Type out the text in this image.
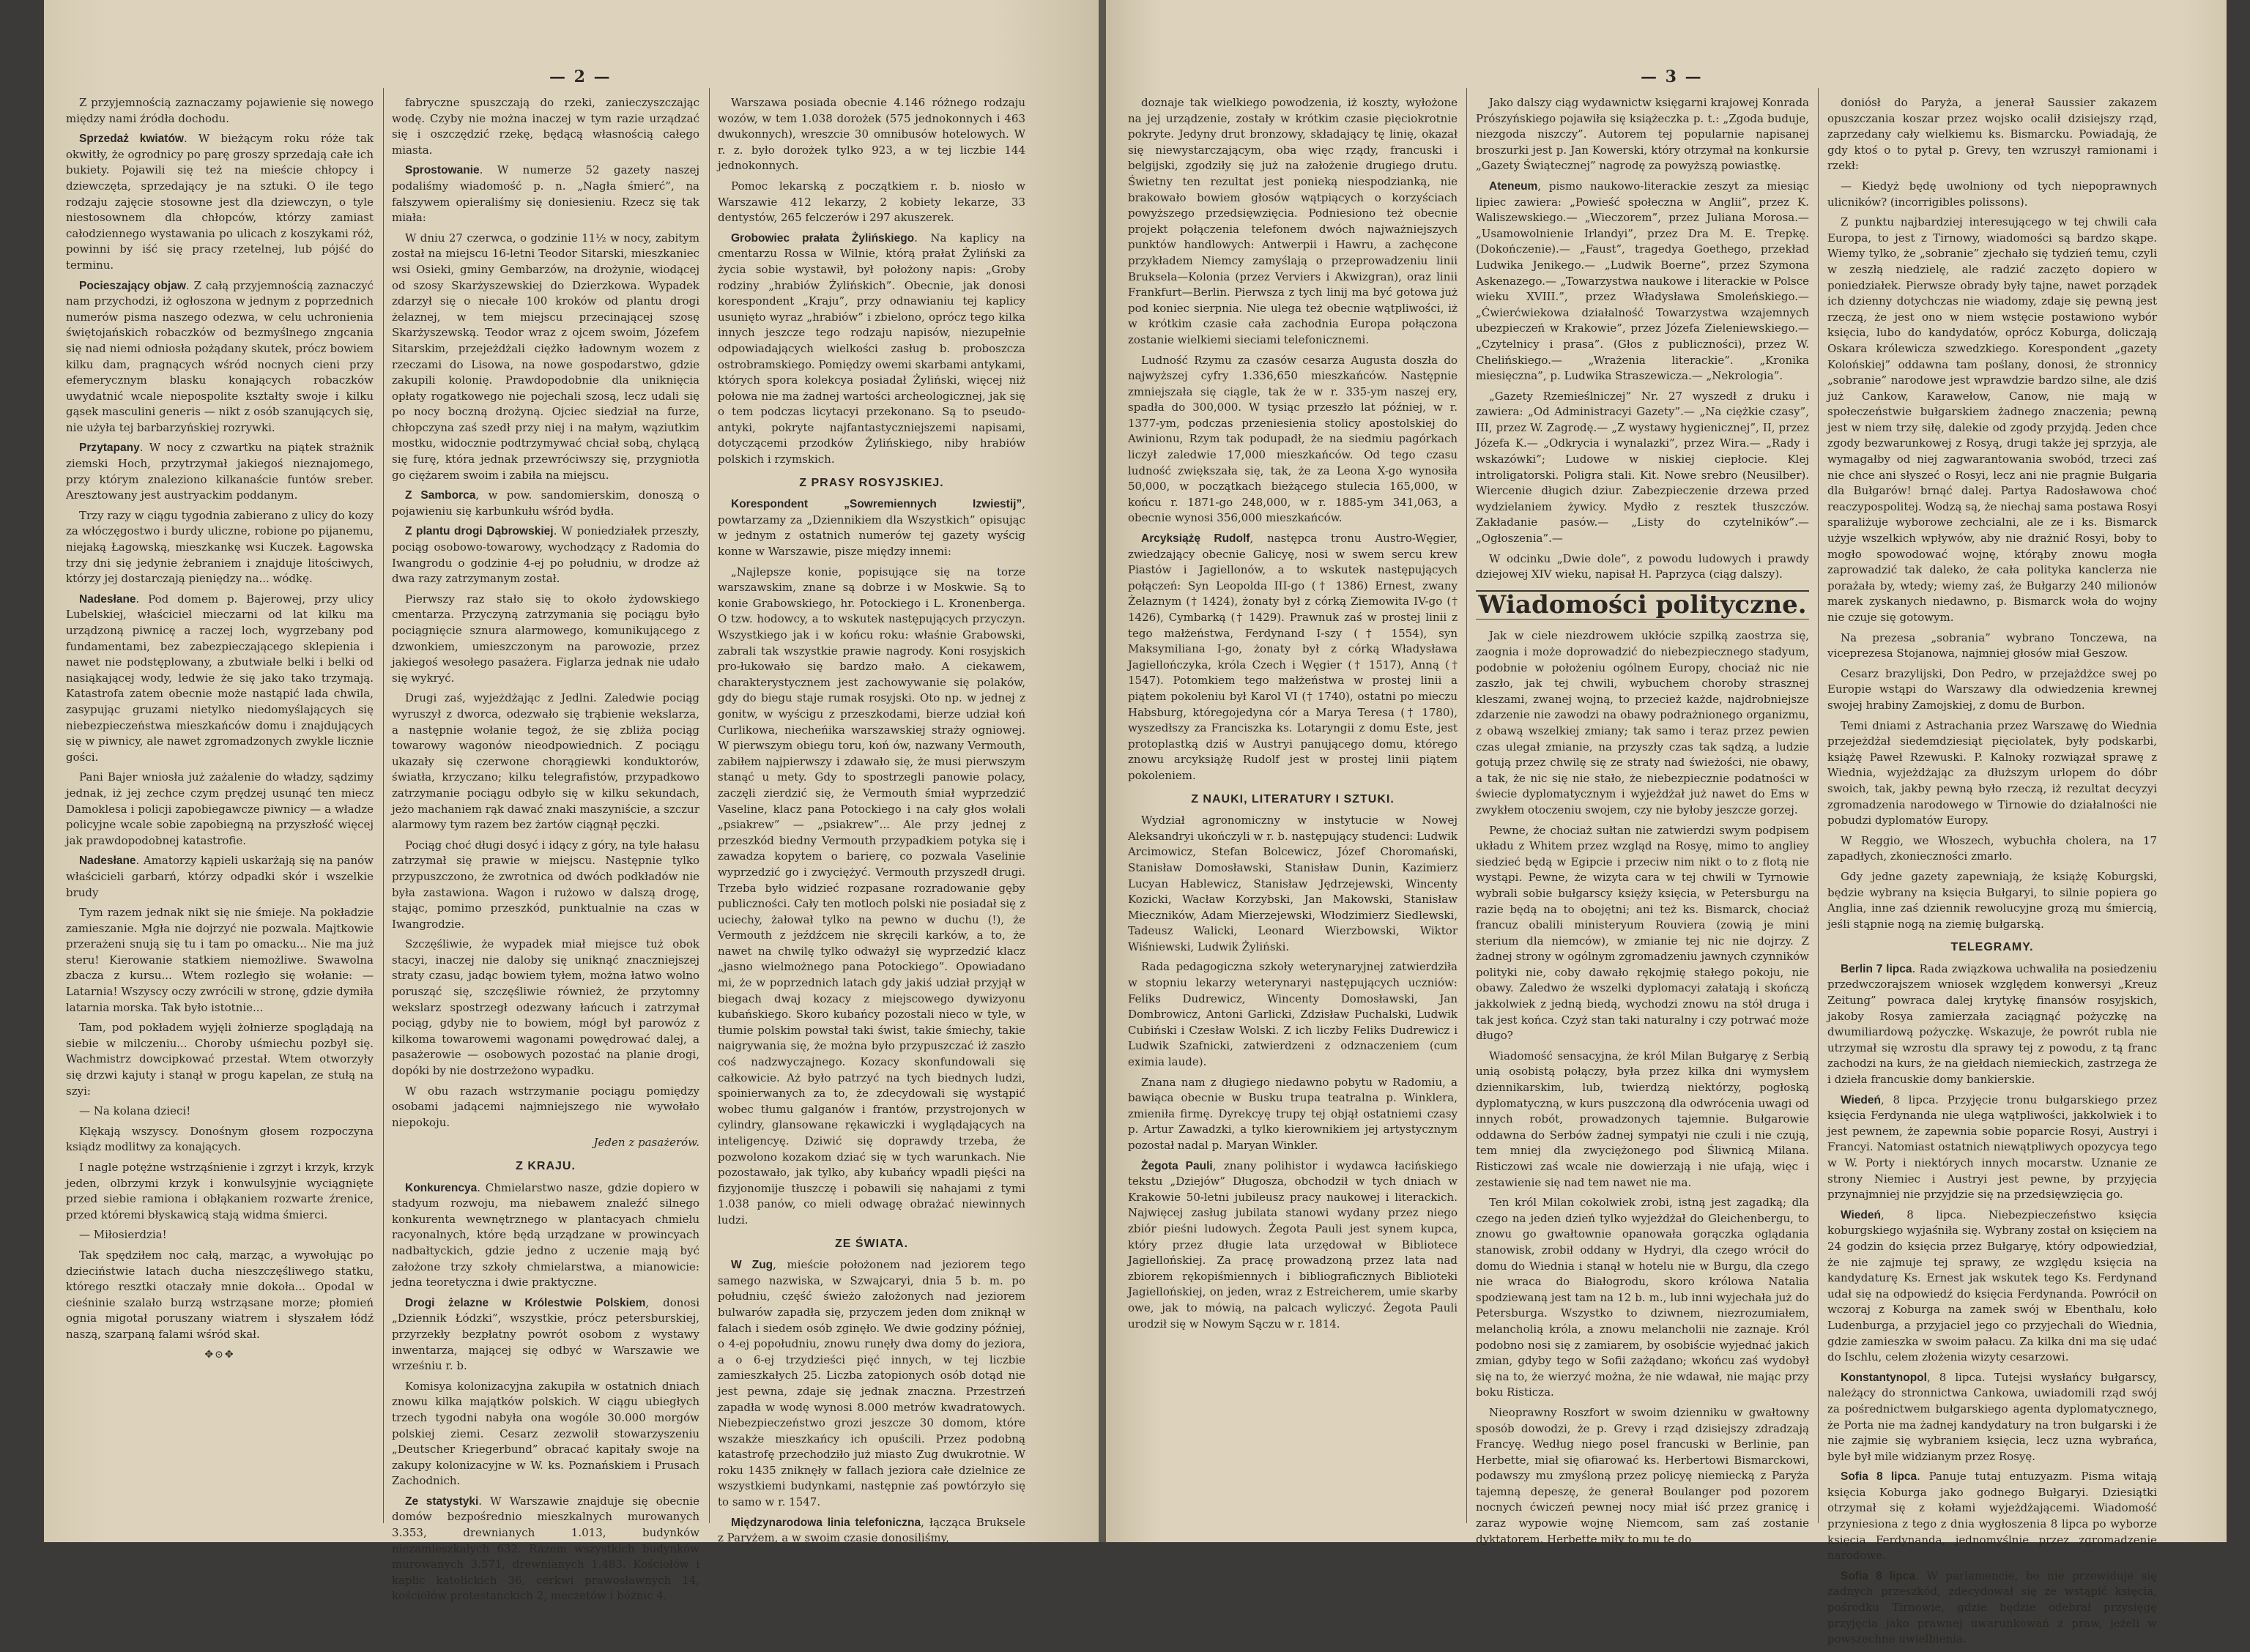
— 2 —

Z przyjemnością zaznaczamy pojawienie się nowego między nami źródła dochodu.

Sprzedaż kwiatów. W bieżącym roku róże tak okwitły, że ogrodnicy po parę groszy sprzedają całe ich bukiety. Pojawili się też na mieście chłopcy i dziewczęta, sprzedający je na sztuki. O ile tego rodzaju zajęcie stosowne jest dla dziewczyn, o tyle niestosownem dla chłopców, którzy zamiast całodziennego wystawania po ulicach z koszykami róż, powinni by iść się pracy rzetelnej, lub pójść do terminu.

Pocieszający objaw. Z całą przyjemnością zaznaczyć nam przychodzi, iż ogłoszona w jednym z poprzednich numerów pisma naszego odezwa, w celu uchronienia świętojańskich robaczków od bezmyślnego zngcania się nad niemi odniosła pożądany skutek, prócz bowiem kilku dam, pragnących wśród nocnych cieni przy efemerycznym blasku konających robaczków uwydatnić wcale niepospolite kształty swoje i kilku gąsek masculini generis — nikt z osób szanujących się, nie użyła tej barbarzyńskiej rozrywki.

Przytapany. W nocy z czwartku na piątek strażnik ziemski Hoch, przytrzymał jakiegoś nieznajomego, przy którym znaleziono kilkanaście funtów sreber. Aresztowany jest austryackim poddanym.

Trzy razy w ciągu tygodnia zabierano z ulicy do kozy za włóczęgostwo i burdy uliczne, robione po pijanemu, niejaką Łagowską, mieszkankę wsi Kuczek. Łagowska trzy dni się jedynie żebraniem i znajduje litościwych, którzy jej dostarczają pieniędzy na... wódkę.

Nadesłane. Pod domem p. Bajerowej, przy ulicy Lubelskiej, właściciel mieczarni od lat kilku ma urządzoną piwnicę a raczej loch, wygrzebany pod fundamentami, bez zabezpieczającego sklepienia i nawet nie podstęplowany, a zbutwiałe belki i belki od nasiąkającej wody, ledwie że się jako tako trzymają. Katastrofa zatem obecnie może nastąpić lada chwila, zasypując gruzami nietylko niedomyślających się niebezpieczeństwa mieszkańców domu i znajdujących się w piwnicy, ale nawet zgromadzonych zwykle licznie gości.

Pani Bajer wniosła już zażalenie do władzy, sądzimy jednak, iż jej zechce czym prędzej usunąć ten miecz Damoklesa i policji zapobiegawcze piwnicy — a władze policyjne wcale sobie zapobiegną na przyszłość więcej jak prawdopodobnej katastrofie.

Nadesłane. Amatorzy kąpieli uskarżają się na panów właścicieli garbarń, którzy odpadki skór i wszelkie brudy

Tym razem jednak nikt się nie śmieje. Na pokładzie zamieszanie. Mgła nie dojrzyć nie pozwala. Majtkowie przerażeni snują się tu i tam po omacku... Nie ma już steru! Kierowanie statkiem niemożliwe. Swawolna zbacza z kursu... Wtem rozległo się wołanie: — Latarnia! Wszyscy oczy zwrócili w stronę, gdzie dymiła latarnia morska. Tak było istotnie...

Tam, pod pokładem wyjęli żołnierze spoglądają na siebie w milczeniu... Choroby uśmiechu pozbył się. Wachmistrz dowcipkować przestał. Wtem otworzyły się drzwi kajuty i stanął w progu kapelan, ze stułą na szyi:

— Na kolana dzieci!

Klękają wszyscy. Donośnym głosem rozpoczyna ksiądz modlitwy za konających.

I nagle potężne wstrząśnienie i zgrzyt i krzyk, krzyk jeden, olbrzymi krzyk i konwulsyjnie wyciągnięte przed siebie ramiona i obłąkaniem rozwarte źrenice, przed któremi błyskawicą stają widma śmierci.

— Miłosierdzia!

Tak spędziłem noc całą, marząc, a wywołując po dzieciństwie latach ducha nieszczęśliwego statku, którego resztki otaczały mnie dokoła... Opodal w cieśninie szalało burzą wstrząsane morze; płomień ognia migotał poruszany wiatrem i słyszałem łódź naszą, szarpaną falami wśród skał.

✥⊙✥

fabryczne spuszczają do rzeki, zanieczyszczając wodę. Czyby nie można inaczej w tym razie urządzać się i oszczędzić rzekę, będącą własnością całego miasta.

Sprostowanie. W numerze 52 gazety naszej podaliśmy wiadomość p. n. „Nagła śmierć”, na fałszywem opieraliśmy się doniesieniu. Rzecz się tak miała:

W dniu 27 czerwca, o godzinie 11½ w nocy, zabitym został na miejscu 16-letni Teodor Sitarski, mieszkaniec wsi Osieki, gminy Gembarzów, na drożynie, wiodącej od szosy Skarżyszewskiej do Dzierzkowa. Wypadek zdarzył się o niecałe 100 kroków od plantu drogi żelaznej, w tem miejscu przecinającej szosę Skarżyszewską. Teodor wraz z ojcem swoim, Józefem Sitarskim, przejeżdżali ciężko ładownym wozem z rzeczami do Lisowa, na nowe gospodarstwo, gdzie zakupili kolonię. Prawdopodobnie dla uniknięcia opłaty rogatkowego nie pojechali szosą, lecz udali się po nocy boczną drożyną. Ojciec siedział na furze, chłopczyna zaś szedł przy niej i na małym, wąziutkim mostku, widocznie podtrzymywać chciał sobą, chylącą się furę, która jednak przewróciwszy się, przygniotła go ciężarem swoim i zabiła na miejscu.

Z Samborca, w pow. sandomierskim, donoszą o pojawieniu się karbunkułu wśród bydła.

Z plantu drogi Dąbrowskiej. W poniedziałek przeszły, pociąg osobowo-towarowy, wychodzący z Radomia do Iwangrodu o godzinie 4-ej po południu, w drodze aż dwa razy zatrzymanym został.

Pierwszy raz stało się to około żydowskiego cmentarza. Przyczyną zatrzymania się pociągu było pociągnięcie sznura alarmowego, komunikującego z dzwonkiem, umieszczonym na parowozie, przez jakiegoś wesołego pasażera. Figlarza jednak nie udało się wykryć.

Drugi zaś, wyjeżdżając z Jedlni. Zaledwie pociąg wyruszył z dworca, odezwało się trąbienie wekslarza, a następnie wołanie tegoż, że się zbliża pociąg towarowy wagonów nieodpowiednich. Z pociągu ukazały się czerwone chorągiewki konduktorów, światła, krzyczano; kilku telegrafistów, przypadkowo zatrzymanie pociągu odbyło się w kilku sekundach, jeżo machaniem rąk dawać znaki maszyniście, a szczur alarmowy tym razem bez żartów ciągnął pęczki.

Pociąg choć długi dosyć i idący z góry, na tyle hałasu zatrzymał się prawie w miejscu. Następnie tylko przypuszczono, że zwrotnica od dwóch podkładów nie była zastawiona. Wagon i rużowo w dalszą drogę, stając, pomimo przeszkód, punktualnie na czas w Iwangrodzie.

Szczęśliwie, że wypadek miał miejsce tuż obok stacyi, inaczej nie daloby się uniknąć znaczniejszej straty czasu, jadąc bowiem tyłem, można łatwo wolno porusząć się, szczęśliwie również, że przytomny wekslarz spostrzegł odezwany łańcuch i zatrzymał pociąg, gdyby nie to bowiem, mógł był parowóz z kilkoma towarowemi wagonami powędrować dalej, a pasażerowie — osobowych pozostać na planie drogi, dopóki by nie dostrzeżono wypadku.

W obu razach wstrzymanie pociągu pomiędzy osobami jadącemi najmniejszego nie wywołało niepokoju.

Jeden z pasażerów.

Z KRAJU.

Konkurencya. Chmielarstwo nasze, gdzie dopiero w stadyum rozwoju, ma niebawem znaleźć silnego konkurenta wewnętrznego w plantacyach chmielu racyonalnych, które będą urządzane w prowincyach nadbałtyckich, gdzie jedno z uczenie mają być założone trzy szkoły chmielarstwa, a mianowicie: jedna teoretyczna i dwie praktyczne.

Drogi żelazne w Królestwie Polskiem, donosi „Dziennik Łódzki”, wszystkie, prócz petersburskiej, przyrzekły bezpłatny powrót osobom z wystawy inwentarza, mającej się odbyć w Warszawie we wrześniu r. b.

Komisya kolonizacyjna zakupiła w ostatnich dniach znowu kilka majątków polskich. W ciągu ubiegłych trzech tygodni nabyła ona wogóle 30.000 morgów polskiej ziemi. Cesarz zezwolił stowarzyszeniu „Deutscher Kriegerbund” obracać kapitały swoje na zakupy kolonizacyjne w W. ks. Poznańskiem i Prusach Zachodnich.

Ze statystyki. W Warszawie znajduje się obecnie domów bezpośrednio mieszkalnych murowanych 3.353, drewnianych 1.013, budynków niezamieszkałych 632. Razem wszystkich budynków murowanych 3.571, drewnianych 1.483. Kościołów i kaplic katolickich 36, cerkwi prawosławnych 14, kościołów protestanckich 2, meczetów i bóżnic 4.

Warszawa posiada obecnie 4.146 różnego rodzaju wozów, w tem 1.038 dorożek (575 jednokonnych i 463 dwukonnych), wreszcie 30 omnibusów hotelowych. W r. z. było dorożek tylko 923, a w tej liczbie 144 jednokonnych.

Pomoc lekarską z początkiem r. b. niosło w Warszawie 412 lekarzy, 2 kobiety lekarze, 33 dentystów, 265 felczerów i 297 akuszerek.

Grobowiec prałata Żylińskiego. Na kaplicy na cmentarzu Rossa w Wilnie, którą prałat Żyliński za życia sobie wystawił, był położony napis: „Groby rodziny „hrabiów Żylińskich”. Obecnie, jak donosi korespondent „Kraju”, przy odnawianiu tej kaplicy usunięto wyraz „hrabiów” i zbielono, oprócz tego kilka innych jeszcze tego rodzaju napisów, niezupełnie odpowiadających wielkości zasług b. proboszcza ostrobramskiego. Pomiędzy owemi skarbami antykami, których spora kolekcya posiadał Żyliński, więcej niż połowa nie ma żadnej wartości archeologicznej, jak się o tem podczas licytacyi przekonano. Są to pseudo-antyki, pokryte najfantastyczniejszemi napisami, dotyczącemi przodków Żylińskiego, niby hrabiów polskich i rzymskich.

Z PRASY ROSYJSKIEJ.

Korespondent „Sowremiennych Izwiestij”, powtarzamy za „Dziennikiem dla Wszystkich” opisując w jednym z ostatnich numerów tej gazety wyścig konne w Warszawie, pisze między innemi:

„Najlepsze konie, popisujące się na torze warszawskim, znane są dobrze i w Moskwie. Są to konie Grabowskiego, hr. Potockiego i L. Kronenberga. O tzw. hodowcy, a to wskutek następujących przyczyn. Wszystkiego jak i w końcu roku: właśnie Grabowski, zabrali tak wszystkie prawie nagrody. Koni rosyjskich pro-łukowało się bardzo mało. A ciekawem, charakterystycznem jest zachowywanie się polaków, gdy do biegu staje rumak rosyjski. Oto np. w jednej z gonitw, w wyścigu z przeszkodami, bierze udział koń Curlikowa, niecheńika warszawskiej straży ogniowej. W pierwszym obiegu toru, koń ów, nazwany Vermouth, zabiłem najpierwszy i zdawało się, że musi pierwszym stanąć u mety. Gdy to spostrzegli panowie polacy, zaczęli zierdzić się, że Vermouth śmiał wyprzedzić Vaseline, klacz pana Potockiego i na cały głos wołali „psiakrew” — „psiakrew”... Ale przy jednej z przeszkód biedny Vermouth przypadkiem potyka się i zawadza kopytem o barierę, co pozwala Vaselinie wyprzedzić go i zwyciężyć. Vermouth przyszedł drugi. Trzeba było widzieć rozpasane rozradowanie gęby publiczności. Cały ten motloch polski nie posiadał się z uciechy, żałował tylko na pewno w duchu (!), że Vermouth z jeźdźcem nie skręcili karków, a to, że nawet na chwilę tylko odważył się wyprzedzić klacz „jasno wielmożnego pana Potockiego”. Opowiadano mi, że w poprzednich latach gdy jakiś udział przyjął w biegach dwaj kozacy z miejscowego dywizyonu kubańskiego. Skoro kubańcy pozostali nieco w tyle, w tłumie polskim powstał taki świst, takie śmiechy, takie naigrywania się, że można było przypuszczać iż zaszło coś nadzwyczajnego. Kozacy skonfundowali się całkowicie. Aż było patrzyć na tych biednych ludzi, spoinierwanych za to, że zdecydowali się wystąpić wobec tłumu galganów i frantów, przystrojonych w cylindry, glansowane rękawiczki i wyglądających na inteligencyę. Dziwić się doprawdy trzeba, że pozwolono kozakom dziać się w tych warunkach. Nie pozostawało, jak tylko, aby kubańcy wpadli pięści na fizyjonomije tłuszczę i pobawili się nahajami z tymi 1.038 panów, co mieli odwagę obrażać niewinnych ludzi.

ZE ŚWIATA.

W Zug, mieście położonem nad jeziorem tego samego nazwiska, w Szwajcaryi, dnia 5 b. m. po południu, część świeżo założonych nad jeziorem bulwarów zapadła się, przyczem jeden dom zniknął w falach i siedem osób zginęło. We dwie godziny później, o 4-ej popołudniu, znowu runęły dwa domy do jeziora, a o 6-ej trzydzieści pięć innych, w tej liczbie zamieszkałych 25. Liczba zatopionych osób dotąd nie jest pewna, zdaje się jednak znaczna. Przestrzeń zapadła w wodę wynosi 8.000 metrów kwadratowych. Niebezpieczeństwo grozi jeszcze 30 domom, które wszakże mieszkańcy ich opuścili. Przez podobną katastrofę przechodziło już miasto Zug dwukrotnie. W roku 1435 zniknęły w fallach jeziora całe dzielnice ze wszystkiemi budynkami, następnie zaś powtórzyło się to samo w r. 1547.

Międzynarodowa linia telefoniczna, łącząca Bruksele z Paryżem, a w swoim czasie donosiliśmy,

— 3 —

doznaje tak wielkiego powodzenia, iż koszty, wyłożone na jej urządzenie, zostały w krótkim czasie pięciokrotnie pokryte. Jedyny drut bronzowy, składający tę linię, okazał się niewystarczającym, oba więc rządy, francuski i belgijski, zgodziły się już na założenie drugiego drutu. Świetny ten rezultat jest ponieką niespodzianką, nie brakowało bowiem głosów wątpiących o korzyściach powyższego przedsięwzięcia. Podniesiono też obecnie projekt połączenia telefonem dwóch najważniejszych punktów handlowych: Antwerpii i Hawru, a zachęcone przykładem Niemcy zamyślają o przeprowadzeniu linii Bruksela—Kolonia (przez Verviers i Akwizgran), oraz linii Frankfurt—Berlin. Pierwsza z tych linij ma być gotowa już pod koniec sierpnia. Nie ulega też obecnie wątpliwości, iż w krótkim czasie cała zachodnia Europa połączona zostanie wielkiemi sieciami telefonicznemi.

Ludność Rzymu za czasów cesarza Augusta doszła do najwyższej cyfry 1.336,650 mieszkańców. Następnie zmniejszała się ciągle, tak że w r. 335-ym naszej ery, spadła do 300,000. W tysiąc przeszło lat później, w r. 1377-ym, podczas przeniesienia stolicy apostolskiej do Awinionu, Rzym tak podupadł, że na siedmiu pagórkach liczył zaledwie 17,000 mieszkańców. Od tego czasu ludność zwiększała się, tak, że za Leona X-go wynosiła 50,000, w początkach bieżącego stulecia 165,000, w końcu r. 1871-go 248,000, w r. 1885-ym 341,063, a obecnie wynosi 356,000 mieszkańców.

Arcyksiążę Rudolf, następca tronu Austro-Węgier, zwiedzający obecnie Galicyę, nosi w swem sercu krew Piastów i Jagiellonów, a to wskutek następujących połączeń: Syn Leopolda III-go († 1386) Ernest, zwany Żelaznym († 1424), żonaty był z córką Ziemowita IV-go († 1426), Cymbarką († 1429). Prawnuk zaś w prostej linii z tego małżeństwa, Ferdynand I-szy († 1554), syn Maksymiliana I-go, żonaty był z córką Władysława Jagiellończyka, króla Czech i Węgier († 1517), Anną († 1547). Potomkiem tego małżeństwa w prostej linii a piątem pokoleniu był Karol VI († 1740), ostatni po mieczu Habsburg, któregojedyna cór a Marya Teresa († 1780), wyszedłszy za Franciszka ks. Lotaryngii z domu Este, jest protoplastką dziś w Austryi panującego domu, którego znowu arcyksiążę Rudolf jest w prostej linii piątem pokoleniem.

Z NAUKI, LITERATURY I SZTUKI.

Wydział agronomiczny w instytucie w Nowej Aleksandryi ukończyli w r. b. następujący studenci: Ludwik Arcimowicz, Stefan Bolcewicz, Józef Choromański, Stanisław Domosławski, Stanisław Dunin, Kazimierz Lucyan Hablewicz, Stanisław Jędrzejewski, Wincenty Kozicki, Wacław Korzybski, Jan Makowski, Stanisław Mieczników, Adam Mierzejewski, Włodzimierz Siedlewski, Tadeusz Walicki, Leonard Wierzbowski, Wiktor Wiśniewski, Ludwik Żyliński.

Rada pedagogiczna szkoły weterynaryjnej zatwierdziła w stopniu lekarzy weterynaryi następujących uczniów: Feliks Dudrewicz, Wincenty Domosławski, Jan Dombrowicz, Antoni Garlicki, Zdzisław Puchalski, Ludwik Cubiński i Czesław Wolski. Z ich liczby Feliks Dudrewicz i Ludwik Szafnicki, zatwierdzeni z odznaczeniem (cum eximia laude).

Znana nam z długiego niedawno pobytu w Radomiu, a bawiąca obecnie w Busku trupa teatralna p. Winklera, zmieniła firmę. Dyrekcyę trupy tej objął ostatniemi czasy p. Artur Zawadzki, a tylko kierownikiem jej artystycznym pozostał nadal p. Maryan Winkler.

Żegota Pauli, znany polihistor i wydawca łacińskiego tekstu „Dziejów” Długosza, obchodził w tych dniach w Krakowie 50-letni jubileusz pracy naukowej i literackich. Najwięcej zasług jubilata stanowi wydany przez niego zbiór pieśni ludowych. Żegota Pauli jest synem kupca, który przez długie lata urzędował w Bibliotece Jagiellońskiej. Za pracę prowadzoną przez lata nad zbiorem rękopiśmiennych i bibliograficznych Biblioteki Jagiellońskiej, on jeden, wraz z Estreicherem, umie skarby owe, jak to mówią, na palcach wyliczyć. Żegota Pauli urodził się w Nowym Sączu w r. 1814.

Jako dalszy ciąg wydawnictw księgarni krajowej Konrada Prószyńskiego pojawiła się książeczka p. t.: „Zgoda buduje, niezgoda niszczy”. Autorem tej popularnie napisanej broszurki jest p. Jan Kowerski, który otrzymał na konkursie „Gazety Świątecznej” nagrodę za powyższą powiastkę.

Ateneum, pismo naukowo-literackie zeszyt za miesiąc lipiec zawiera: „Powieść społeczna w Anglii”, przez K. Waliszewskiego.— „Wieczorem”, przez Juliana Morosa.— „Usamowolnienie Irlandyi”, przez Dra M. E. Trepkę. (Dokończenie).— „Faust”, tragedya Goethego, przekład Ludwika Jenikego.— „Ludwik Boerne”, przez Szymona Askenazego.— „Towarzystwa naukowe i literackie w Polsce wieku XVIII.”, przez Władysława Smoleńskiego.— „Ćwierćwiekowa działalność Towarzystwa wzajemnych ubezpieczeń w Krakowie”, przez Józefa Zieleniewskiego.— „Czytelnicy i prasa”. (Głos z publiczności), przez W. Chelińskiego.— „Wrażenia literackie”. „Kronika miesięczna”, p. Ludwika Straszewicza.— „Nekrologia”.

„Gazety Rzemieślniczej” Nr. 27 wyszedł z druku i zawiera: „Od Administracyi Gazety”.— „Na ciężkie czasy”, III, przez W. Zagrodę.— „Z wystawy hygienicznej”, II, przez Józefa K.— „Odkrycia i wynalazki”, przez Wira.— „Rady i wskazówki”; Ludowe w niskiej ciepłocie. Klej introligatorski. Poligra stali. Kit. Nowe srebro (Neusilber). Wiercenie długich dziur. Zabezpieczenie drzewa przed wydzielaniem żywicy. Mydło z resztek tłuszczów. Zakładanie pasów.— „Listy do czytelników”.— „Ogłoszenia”.—

W odcinku „Dwie dole”, z powodu ludowych i prawdy dziejowej XIV wieku, napisał H. Paprzyca (ciąg dalszy).

Wiadomości polityczne.

Jak w ciele niezdrowem ukłócie szpilką zaostrza się, zaognia i może doprowadzić do niebezpiecznego stadyum, podobnie w położeniu ogólnem Europy, chociaż nic nie zaszło, jak tej chwili, wybuchem choroby strasznej kleszami, zwanej wojną, to przecież każde, najdrobniejsze zdarzenie nie zawodzi na obawy podrażnionego organizmu, z obawą wszelkiej zmiany; tak samo i teraz przez pewien czas ulegał zmianie, na przyszły czas tak sądzą, a ludzie gotują przez chwilę się ze straty nad świeżości, nie obawy, a tak, że nic się nie stało, że niebezpiecznie podatności w świecie dyplomatycznym i wyjeżdżał już nawet do Ems w zwykłem otoczeniu swojem, czy nie byłoby jeszcze gorzej.

Pewne, że chociaż sułtan nie zatwierdzi swym podpisem układu z Whitem przez wzgląd na Rosyę, mimo to angliey siedzieć będą w Egipcie i przeciw nim nikt o to z flotą nie wystąpi. Pewne, że wizyta cara w tej chwili w Tyrnowie wybrali sobie bułgarscy księży księcia, w Petersburgu na razie będą na to obojętni; ani też ks. Bismarck, chociaż francuz obalili ministeryum Rouviera (zowią je mini sterium dla niemców), w zmianie tej nic nie dojrzy. Z żadnej strony w ogólnym zgromadzeniu jawnych czynników polityki nie, coby dawało rękojmię stałego pokoju, nie obawy. Zaledwo że wszelki dyplomacyi załatają i skończą jakkolwiek z jedną biedą, wychodzi znowu na stół druga i tak jest końca. Czyż stan taki naturalny i czy potrwać może długo?

Wiadomość sensacyjna, że król Milan Bułgaryę z Serbią unią osobistą połączy, była przez kilka dni wymysłem dziennikarskim, lub, twierdzą niektórzy, pogłoską dyplomatyczną, w kurs puszczoną dla odwrócenia uwagi od innych robót, prowadzonych tajemnie. Bułgarowie oddawna do Serbów żadnej sympatyi nie czuli i nie czują, tem mniej dla zwyciężonego pod Śliwnicą Milana. Risticzowi zaś wcale nie dowierzają i nie ufają, więc i zestawienie się nad tem nawet nie ma.

Ten król Milan cokolwiek zrobi, istną jest zagadką; dla czego na jeden dzień tylko wyjeżdżał do Gleichenbergu, to znowu go gwałtownie opanowała gorączka oglądania stanowisk, zrobił oddany w Hydryi, dla czego wrócił do domu do Wiednia i stanął w hotelu nie w Burgu, dla czego nie wraca do Białogrodu, skoro królowa Natalia spodziewaną jest tam na 12 b. m., lub inni wyjechała już do Petersburga. Wszystko to dziwnem, niezrozumiałem, melancholią króla, a znowu melancholii nie zaznaje. Król podobno nosi się z zamiarem, by osobiście wyjednać jakich zmian, gdyby tego w Sofii zażądano; wkońcu zaś wydobył się na to, że wierzyć można, że nie wdawał, nie mając przy boku Risticza.

Nieoprawny Roszfort w swoim dzienniku w gwałtowny sposób dowodzi, że p. Grevy i rząd dzisiejszy zdradzają Francyę. Według niego posel francuski w Berlinie, pan Herbette, miał się ofiarować ks. Herbertowi Bismarckowi, podawszy mu zmyśloną przez policyę niemiecką z Paryża tajemną depeszę, że generał Boulanger pod pozorem nocnych ćwiczeń pewnej nocy miał iść przez granicę i zaraz wypowie wojnę Niemcom, sam zaś zostanie dyktatorem. Herbette miły to mu te do

doniósł do Paryża, a jenerał Saussier zakazem opuszczania koszar przez wojsko ocalił dzisiejszy rząd, zaprzedany cały wielkiemu ks. Bismarcku. Powiadają, że gdy ktoś o to pytał p. Grevy, ten wzruszył ramionami i rzekł:

— Kiedyż będę uwolniony od tych niepoprawnych ulicników? (incorrigibles polissons).

Z punktu najbardziej interesującego w tej chwili cała Europa, to jest z Tirnowy, wiadomości są bardzo skąpe. Wiemy tylko, że „sobranie” zjechało się tydzień temu, czyli w zeszłą niedzielę, ale radzić zaczęto dopiero w poniedziałek. Pierwsze obrady były tajne, nawet porządek ich dzienny dotychczas nie wiadomy, zdaje się pewną jest rzeczą, że jest ono w niem wstęcie postawiono wybór księcia, lubo do kandydatów, oprócz Koburga, doliczają Oskara królewicza szwedzkiego. Korespondent „gazety Kolońskiej” oddawna tam poślany, donosi, że stronnicy „sobranie” narodowe jest wprawdzie bardzo silne, ale dziś już Cankow, Karawełow, Canow, nie mają w społeczeństwie bułgarskiem żadnego znaczenia; pewną jest w niem trzy siłę, dalekie od zgody przyjdą. Jeden chce zgody bezwarunkowej z Rosyą, drugi także jej sprzyja, ale wymagałby od niej zagwarantowania swobód, trzeci zaś nie chce ani słyszeć o Rosyi, lecz ani nie pragnie Bułgaria dla Bułgarów! brnąć dalej. Partya Radosławowa choć reaczypospolitej. Wodzą są, że niechaj sama postawa Rosyi sparaliżuje wyborowe zechcialni, ale ze i ks. Bismarck użyje wszelkich wpływów, aby nie drażnić Rosyi, boby to mogło spowodować wojnę, którąby znowu mogła zaprowadzić tak daleko, że cała polityka kanclerza nie porażała by, wtedy; wiemy zaś, że Bułgarzy 240 milionów marek zyskanych niedawno, p. Bismarck woła do wojny nie czuje się gotowym.

Na prezesa „sobrania” wybrano Tonczewa, na viceprezesa Stojanowa, najmniej głosów miał Geszow.

Cesarz brazylijski, Don Pedro, w przejażdżce swej po Europie wstąpi do Warszawy dla odwiedzenia krewnej swojej hrabiny Zamojskiej, z domu de Burbon.

Temi dniami z Astrachania przez Warszawę do Wiednia przejeżdżał siedemdziesiąt pięciolatek, były podskarbi, książę Paweł Rzewuski. P. Kalnoky rozwiązał sprawę z Wiednia, wyjeżdżając za dłuższym urlopem do dóbr swoich, tak, jakby pewną było rzeczą, iż rezultat decyzyi zgromadzenia narodowego w Tirnowie do działalności nie pobudzi dyplomatów Europy.

W Reggio, we Włoszech, wybuchła cholera, na 17 zapadłych, zkonieczności zmarło.

Gdy jedne gazety zapewniają, że książę Koburgski, będzie wybrany na księcia Bułgaryi, to silnie popiera go Anglia, inne zaś dziennik rewolucyjne grozą mu śmiercią, jeśli stąpnie nogą na ziemię bułgarską.

TELEGRAMY.

Berlin 7 lipca. Rada związkowa uchwaliła na posiedzeniu przedwczorajszem wniosek względem konwersyi „Kreuz Zeitung” powraca dalej krytykę finansów rosyjskich, jakoby Rosya zamierzała zaciągnąć pożyczkę na dwumiliardową pożyczkę. Wskazuje, że powrót rubla nie utrzymał się wzrostu dla sprawy tej z powodu, z tą franc zachodzi na kurs, że na giełdach niemieckich, zastrzega że i dzieła francuskie domy bankierskie.

Wiedeń, 8 lipca. Przyjęcie tronu bułgarskiego przez księcia Ferdynanda nie ulega wątpliwości, jakkolwiek i to jest pewnem, że zapewnia sobie poparcie Rosyi, Austryi i Francyi. Natomiast ostatnich niewątpliwych opozycya tego w W. Porty i niektórych innych mocarstw. Uznanie ze strony Niemiec i Austryi jest pewne, by przyjęcia przynajmniej nie przyjdzie się na przedsięwzięcia go.

Wiedeń, 8 lipca. Niebezpieczeństwo księcia koburgskiego wyjaśniła się. Wybrany został on księciem na 24 godzin do księcia przez Bułgaryę, który odpowiedział, że nie zajmuje tej sprawy, ze względu księcia na kandydaturę Ks. Ernest jak wskutek tego Ks. Ferdynand udał się na odpowiedź do księcia Ferdynanda. Powrócił on wczoraj z Koburga na zamek swój w Ebenthalu, koło Ludenburga, a przyjaciel jego co przyjechali do Wiednia, gdzie zamieszka w swoim pałacu. Za kilka dni ma się udać do Ischlu, celem złożenia wizyty cesarzowi.

Konstantynopol, 8 lipca. Tutejsi wysłańcy bułgarscy, należący do stronnictwa Cankowa, uwiadomili rząd swój za pośrednictwem bułgarskiego agenta dyplomatycznego, że Porta nie ma żadnej kandydatury na tron bułgarski i że nie zajmie się wybraniem księcia, lecz uzna wybrańca, byle był mile widzianym przez Rosyę.

Sofia 8 lipca. Panuje tutaj entuzyazm. Pisma witają księcia Koburga jako godnego Bułgaryi. Dziesiątki otrzymał się z kołami wyjeżdżającemi. Wiadomość przyniesiona z tego z dnia wygłoszenia 8 lipca po wyborze księcia Ferdynanda, jednomyślnie przez zgromadzenie narodowe.

Sofia 8 lipca. W parlamencie, bo nie przewiduje się żadnych przeszkód, zdecydował się ze wstąpić księcia, pośrodku Tirnowie, gdzie będzie odebrał przysięgę przyjęcia jako prawnej uwarunkowań z praw, jeżeli w powszechne uwielbienia.
